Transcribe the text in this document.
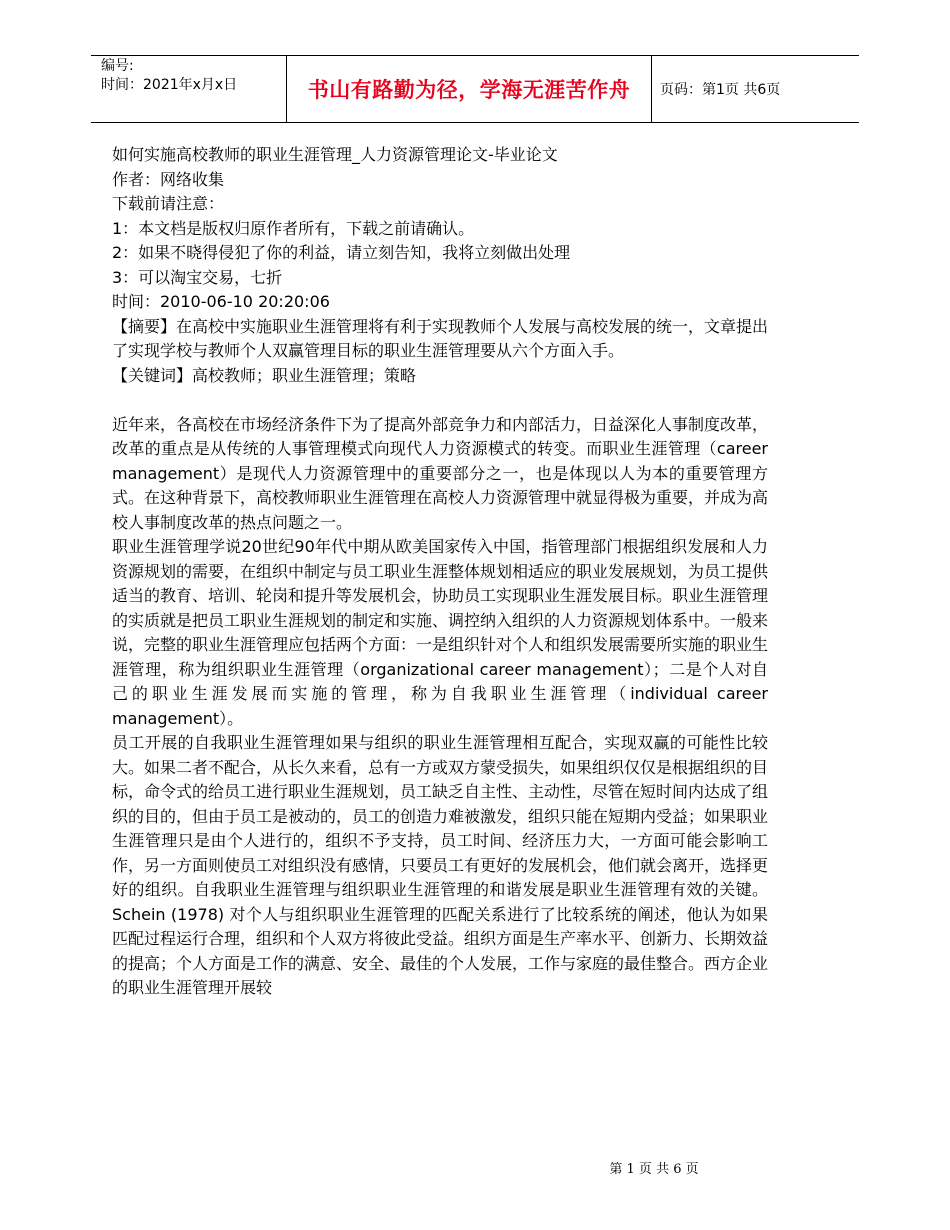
编号:
时间：2021年x月x日	书山有路勤为径，学海无涯苦作舟	页码：第1页 共6页
如何实施高校教师的职业生涯管理_人力资源管理论文-毕业论文
作者：网络收集
下载前请注意：
1：本文档是版权归原作者所有，下载之前请确认。
2：如果不晓得侵犯了你的利益，请立刻告知，我将立刻做出处理
3：可以淘宝交易，七折
时间：2010-06-10 20:20:06

【摘要】在高校中实施职业生涯管理将有利于实现教师个人发展与高校发展的统一，文章提出了实现学校与教师个人双赢管理目标的职业生涯管理要从六个方面入手。

【关键词】高校教师；职业生涯管理；策略

近年来，各高校在市场经济条件下为了提高外部竞争力和内部活力，日益深化人事制度改革，改革的重点是从传统的人事管理模式向现代人力资源模式的转变。而职业生涯管理（career management）是现代人力资源管理中的重要部分之一，也是体现以人为本的重要管理方式。在这种背景下，高校教师职业生涯管理在高校人力资源管理中就显得极为重要，并成为高校人事制度改革的热点问题之一。

职业生涯管理学说20世纪90年代中期从欧美国家传入中国，指管理部门根据组织发展和人力资源规划的需要，在组织中制定与员工职业生涯整体规划相适应的职业发展规划，为员工提供适当的教育、培训、轮岗和提升等发展机会，协助员工实现职业生涯发展目标。职业生涯管理的实质就是把员工职业生涯规划的制定和实施、调控纳入组织的人力资源规划体系中。一般来说，完整的职业生涯管理应包括两个方面：一是组织针对个人和组织发展需要所实施的职业生涯管理，称为组织职业生涯管理（organizational career management）；二是个人对自己的职业生涯发展而实施的管理，称为自我职业生涯管理（individual career management）。

员工开展的自我职业生涯管理如果与组织的职业生涯管理相互配合，实现双赢的可能性比较大。如果二者不配合，从长久来看，总有一方或双方蒙受损失，如果组织仅仅是根据组织的目标，命令式的给员工进行职业生涯规划，员工缺乏自主性、主动性，尽管在短时间内达成了组织的目的，但由于员工是被动的，员工的创造力难被激发，组织只能在短期内受益；如果职业生涯管理只是由个人进行的，组织不予支持，员工时间、经济压力大，一方面可能会影响工作，另一方面则使员工对组织没有感情，只要员工有更好的发展机会，他们就会离开，选择更好的组织。自我职业生涯管理与组织职业生涯管理的和谐发展是职业生涯管理有效的关键。Schein (1978) 对个人与组织职业生涯管理的匹配关系进行了比较系统的阐述，他认为如果匹配过程运行合理，组织和个人双方将彼此受益。组织方面是生产率水平、创新力、长期效益的提高；个人方面是工作的满意、安全、最佳的个人发展，工作与家庭的最佳整合。西方企业的职业生涯管理开展较

第 1 页 共 6 页
